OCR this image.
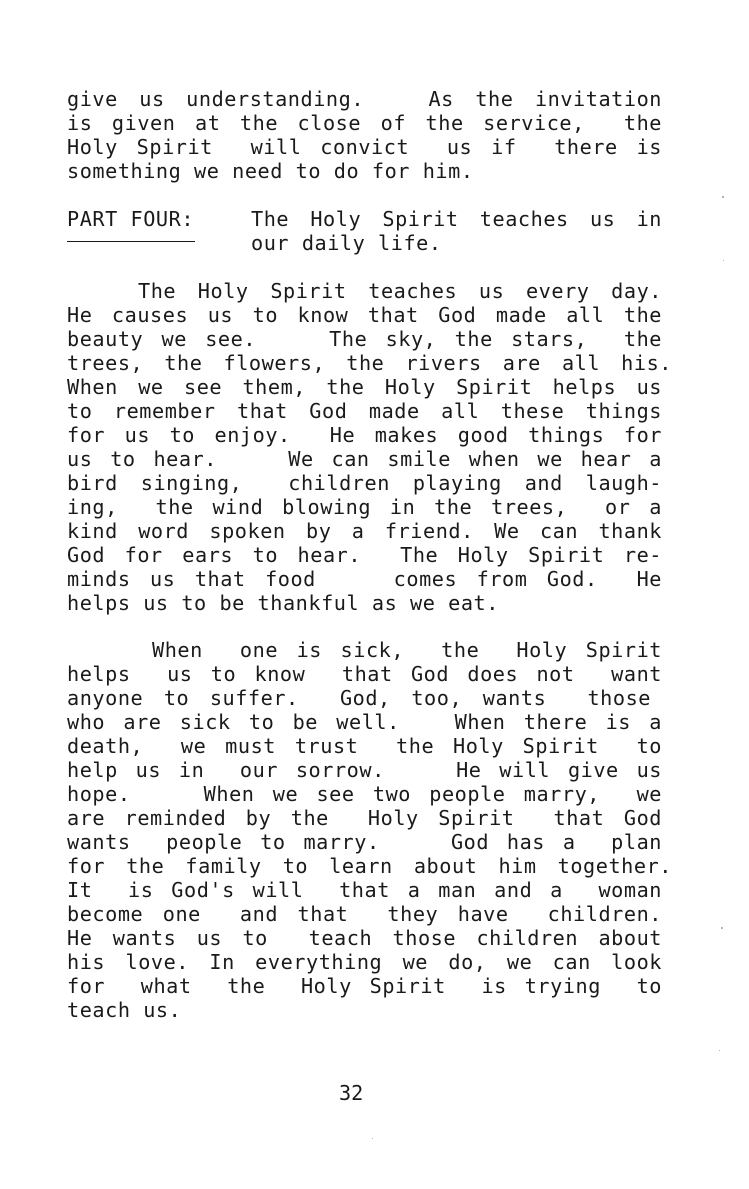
give us understanding.   As the invitation
is given at the close of the service,  the
Holy Spirit  will convict  us if  there is
something we need to do for him.
PART FOUR:	The Holy Spirit teaches us in
our daily life.
The Holy Spirit teaches us every day.
He causes us to know that God made all the
beauty we see.    The sky, the stars,  the
trees, the flowers, the rivers are all his.
When we see them, the Holy Spirit helps us
to remember that God made all these things
for us to enjoy.  He makes good things for
us to hear.    We can smile when we hear a
bird singing,  children playing and laugh-
ing,  the wind blowing in the trees,  or a
kind word spoken by a friend. We can thank
God for ears to hear.  The Holy Spirit re-
minds us that food    comes from God.  He
helps us to be thankful as we eat.
When  one is sick,  the  Holy Spirit
helps  us to know  that God does not  want
anyone to suffer.  God, too, wants  those
who are sick to be well.   When there is a
death,  we must trust  the Holy Spirit  to
help us in  our sorrow.    He will give us
hope.    When we see two people marry,  we
are reminded by the  Holy Spirit  that God
wants  people to marry.    God has a  plan
for the family to learn about him together.
It  is God's will  that a man and a  woman
become one  and that  they have  children.
He wants us to  teach those children about
his love. In everything we do, we can look
for  what  the  Holy Spirit  is trying  to
teach us.
32
